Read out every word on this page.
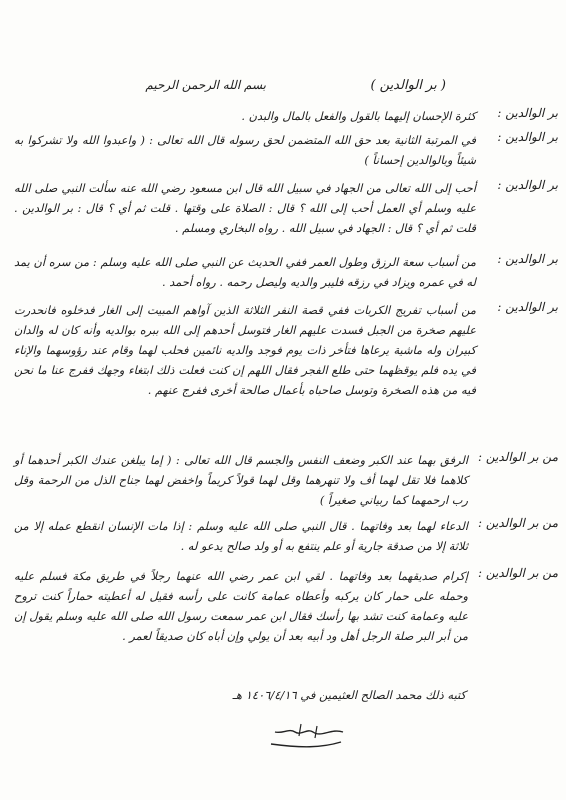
بسم الله الرحمن الرحيم	( بر الوالدين )
بر الوالدين :
كثرة الإحسان إليهما بالقول والفعل بالمال والبدن .
بر الوالدين :
في المرتبة الثانية بعد حق الله المتضمن لحق رسوله قال الله تعالى : ( واعبدوا الله ولا تشركوا به شيئاً وبالوالدين إحساناً )
بر الوالدين :
أحب إلى الله تعالى من الجهاد في سبيل الله قال ابن مسعود رضي الله عنه سألت النبي صلى الله عليه وسلم أي العمل أحب إلى الله ؟ قال : الصلاة على وقتها . قلت ثم أي ؟ قال : بر الوالدين . قلت ثم أي ؟ قال : الجهاد في سبيل الله . رواه البخاري ومسلم .
بر الوالدين :
من أسباب سعة الرزق وطول العمر ففي الحديث عن النبي صلى الله عليه وسلم : من سره أن يمد له في عمره ويزاد في رزقه فليبر والديه وليصل رحمه . رواه أحمد .
بر الوالدين :
من أسباب تفريج الكربات ففي قصة النفر الثلاثة الذين آواهم المبيت إلى الغار فدخلوه فانحدرت عليهم صخرة من الجبل فسدت عليهم الغار فتوسل أحدهم إلى الله ببره بوالديه وأنه كان له والدان كبيران وله ماشية يرعاها فتأخر ذات يوم فوجد والديه نائمين فحلب لهما وقام عند رؤوسهما والإناء في يده فلم يوقظهما حتى طلع الفجر فقال اللهم إن كنت فعلت ذلك ابتغاء وجهك ففرج عنا ما نحن فيه من هذه الصخرة وتوسل صاحباه بأعمال صالحة أخرى ففرج عنهم .
من بر الوالدين :
الرفق بهما عند الكبر وضعف النفس والجسم قال الله تعالى : ( إما يبلغن عندك الكبر أحدهما أو كلاهما فلا تقل لهما أف ولا تنهرهما وقل لهما قولاً كريماً واخفض لهما جناح الذل من الرحمة وقل رب ارحمهما كما ربياني صغيراً )
من بر الوالدين :
الدعاء لهما بعد وفاتهما . قال النبي صلى الله عليه وسلم : إذا مات الإنسان انقطع عمله إلا من ثلاثة إلا من صدقة جارية أو علم ينتفع به أو ولد صالح يدعو له .
من بر الوالدين :
إكرام صديقهما بعد وفاتهما . لقي ابن عمر رضي الله عنهما رجلاً في طريق مكة فسلم عليه وحمله على حمار كان يركبه وأعطاه عمامة كانت على رأسه فقيل له أعطيته حماراً كنت تروح عليه وعمامة كنت تشد بها رأسك فقال ابن عمر سمعت رسول الله صلى الله عليه وسلم يقول إن من أبر البر صلة الرجل أهل ود أبيه بعد أن يولي وإن أباه كان صديقاً لعمر .
كتبه ذلك محمد الصالح العثيمين في ١٤٠٦/٤/١٦ هـ
